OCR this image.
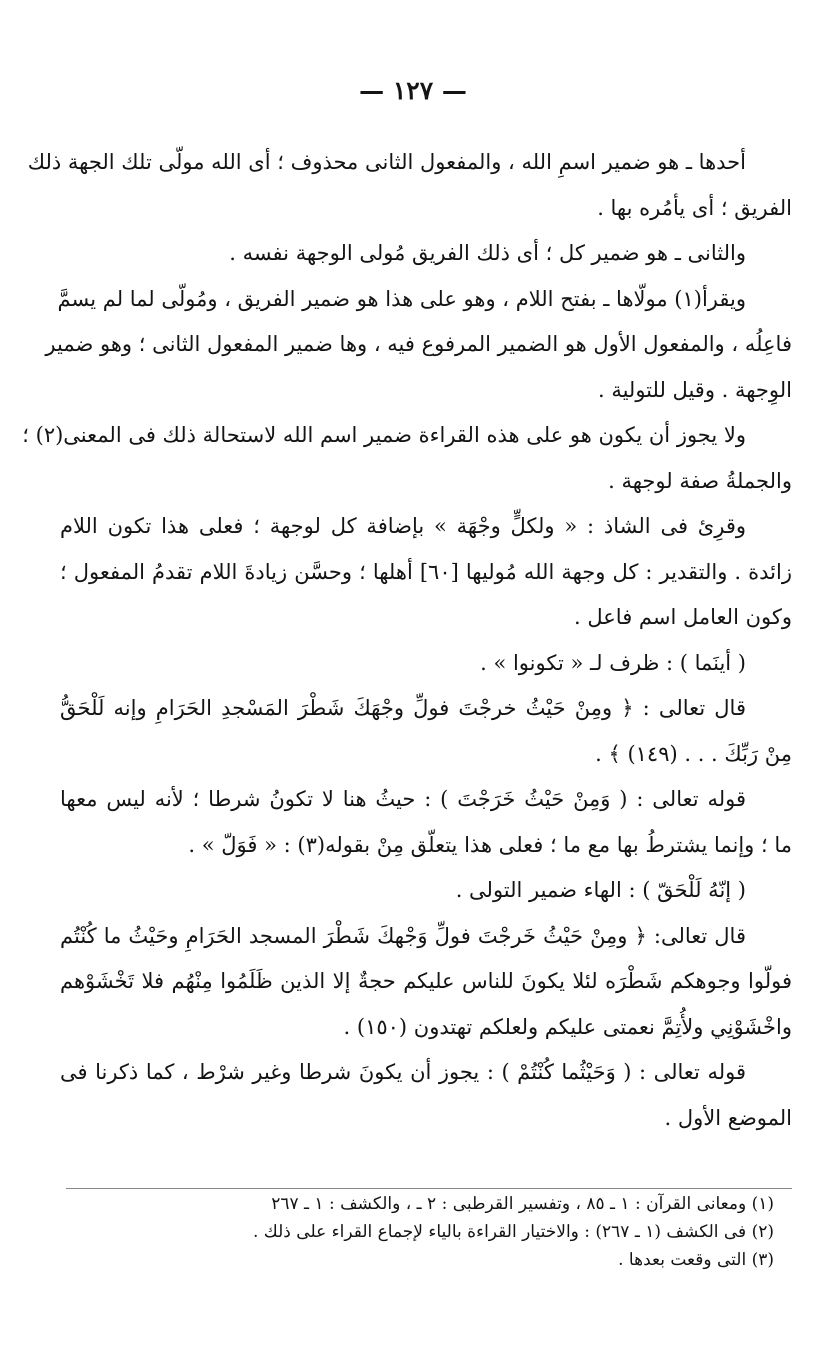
— ١٢٧ —
أحدها ـ هو ضمير اسمِ الله ، والمفعول الثانى محذوف ؛ أى الله مولّى تلك الجهة ذلك
الفريق ؛ أى يأمُره بها .
والثانى ـ هو ضمير كل ؛ أى ذلك الفريق مُولى الوجهة نفسه .
ويقرأ(١) مولّاها ـ بفتح اللام ، وهو على هذا هو ضمير الفريق ، ومُولّى لما لم يسمَّ
فاعِلُه ، والمفعول الأول هو الضمير المرفوع فيه ، وها ضمير المفعول الثانى ؛ وهو ضمير
الوِجهة . وقيل للتولية .
ولا يجوز أن يكون هو على هذه القراءة ضمير اسم الله لاستحالة ذلك فى المعنى(٢) ؛
والجملةُ صفة لوجهة .
وقرِئ فى الشاذ : « ولكلٍّ وجْهَة » بإضافة كل لوجهة ؛ فعلى هذا تكون اللام
زائدة . والتقدير : كل وجهة الله مُوليها [٦٠] أهلها ؛ وحسَّن زيادةَ اللام تقدمُ المفعول ؛
وكون العامل اسم فاعل .
( أينَما ) : ظرف لـ « تكونوا » .
قال تعالى : ﴿ ومِنْ حَيْثُ خرجْتَ فولِّ وجْهَكَ شَطْرَ المَسْجدِ الحَرَامِ وإنه لَلْحَقُّ
مِنْ رَبِّكَ . . . (١٤٩) ﴾ .
قوله تعالى : ( وَمِنْ حَيْثُ خَرَجْتَ ) : حيثُ هنا لا تكونُ شرطا ؛ لأنه ليس معها
ما ؛ وإنما يشترطُ بها مع ما ؛ فعلى هذا يتعلّق مِنْ بقوله(٣) : « فَوَلّ » .
( إنّهُ لَلْحَقّ ) : الهاء ضمير التولى .
قال تعالى: ﴿ ومِنْ حَيْثُ خَرجْتَ فولِّ وَجْهكَ شَطْرَ المسجد الحَرَامِ وحَيْثُ ما كُنْتُم
فولّوا وجوهكم شَطْرَه لئلا يكونَ للناس عليكم حجةٌ إلا الذين ظَلَمُوا مِنْهُم فلا تَخْشَوْهم
واخْشَوْنِي ولأُتِمَّ نعمتى عليكم ولعلكم تهتدون (١٥٠) .
قوله تعالى : ( وَحَيْثُما كُنْتُمْ ) : يجوز أن يكونَ شرطا وغير شرْط ، كما ذكرنا فى
الموضع الأول .
(١) ومعانى القرآن : ١ ـ ٨٥ ، وتفسير القرطبى : ٢ ـ ، والكشف : ١ ـ ٢٦٧
(٢) فى الكشف (١ ـ ٢٦٧) : والاختيار القراءة بالياء لإجماع القراء على ذلك .
(٣) التى وقعت بعدها .
